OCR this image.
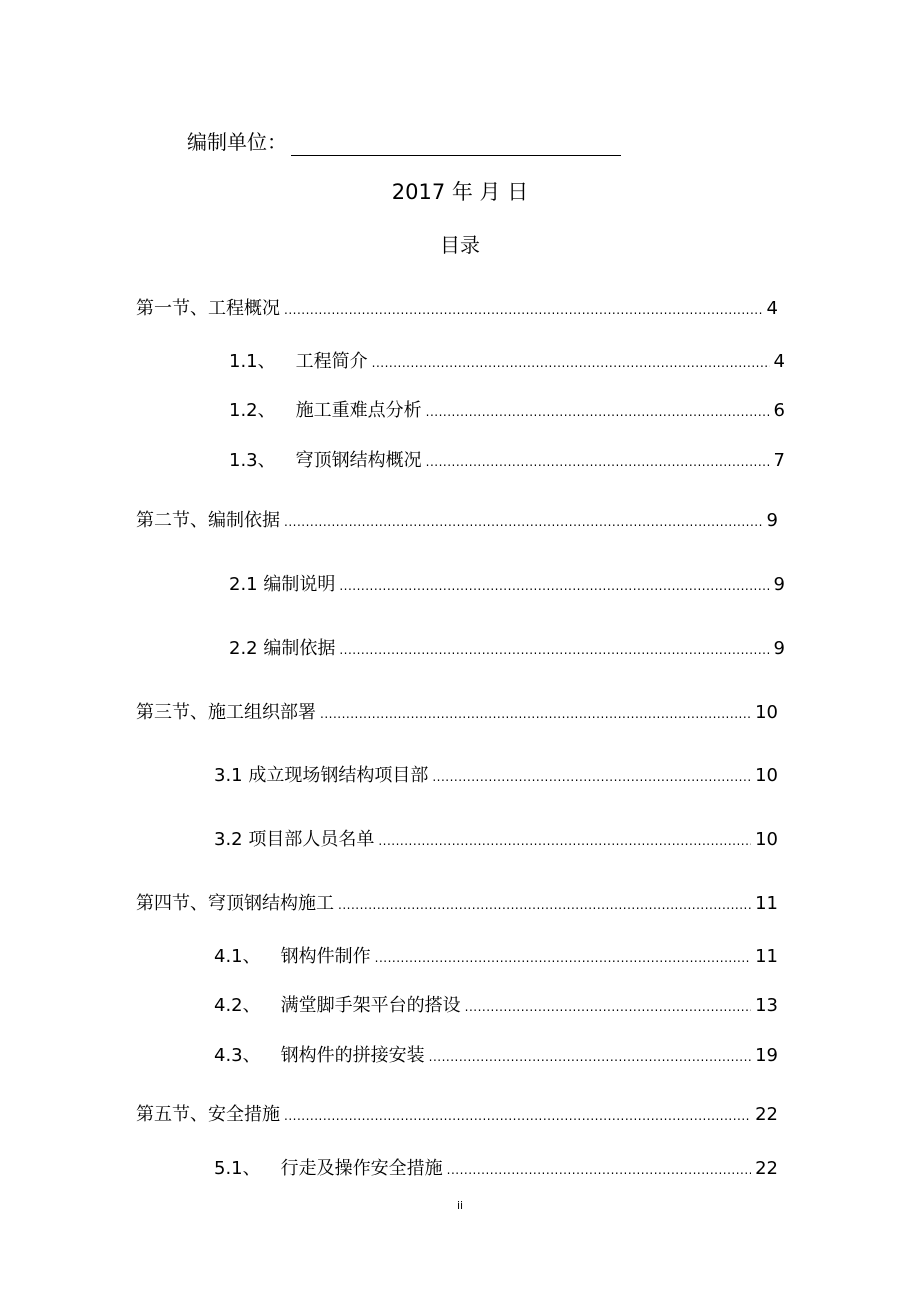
编制单位：
2017 年 月 日
目录
第一节、工程概况 .....	4
1.1、 工程简介 .....	4
1.2、 施工重难点分析 .....	6
1.3、 穹顶钢结构概况 .....	7
第二节、编制依据 .....	9
2.1 编制说明 .....	9
2.2 编制依据 .....	9
第三节、施工组织部署 .....	10
3.1 成立现场钢结构项目部 .....	10
3.2 项目部人员名单 .....	10
第四节、穹顶钢结构施工 .....	11
4.1、 钢构件制作 .....	11
4.2、 满堂脚手架平台的搭设 .....	13
4.3、 钢构件的拼接安装 .....	19
第五节、安全措施 .....	22
5.1、 行走及操作安全措施 .....	22
ii
